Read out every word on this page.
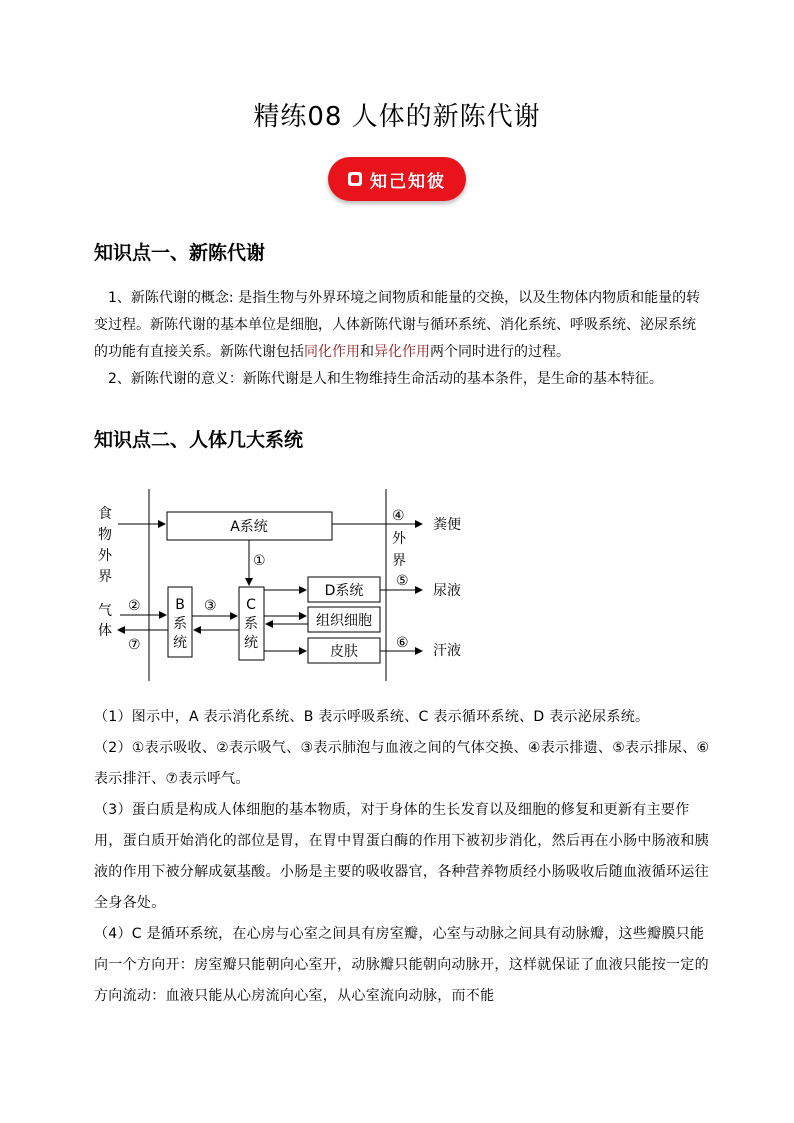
精练08 人体的新陈代谢
知己知彼
知识点一、新陈代谢

1、新陈代谢的概念: 是指生物与外界环境之间物质和能量的交换，以及生物体内物质和能量的转变过程。新陈代谢的基本单位是细胞，人体新陈代谢与循环系统、消化系统、呼吸系统、泌尿系统的功能有直接关系。新陈代谢包括同化作用和异化作用两个同时进行的过程。

2、新陈代谢的意义：新陈代谢是人和生物维持生命活动的基本条件，是生命的基本特征。

知识点二、人体几大系统
食
物
外
界
气
体
外
界
A系统
B
系
统
C
系
统
D系统
组织细胞
皮肤
粪便
尿液
汗液
①
②	③
④
⑤
⑥
⑦

（1）图示中，A 表示消化系统、B 表示呼吸系统、C 表示循环系统、D 表示泌尿系统。

（2）①表示吸收、②表示吸气、③表示肺泡与血液之间的气体交换、④表示排遗、⑤表示排尿、⑥表示排汗、⑦表示呼气。

（3）蛋白质是构成人体细胞的基本物质，对于身体的生长发育以及细胞的修复和更新有主要作用，蛋白质开始消化的部位是胃，在胃中胃蛋白酶的作用下被初步消化，然后再在小肠中肠液和胰液的作用下被分解成氨基酸。小肠是主要的吸收器官，各种营养物质经小肠吸收后随血液循环运往全身各处。

（4）C 是循环系统，在心房与心室之间具有房室瓣，心室与动脉之间具有动脉瓣，这些瓣膜只能向一个方向开：房室瓣只能朝向心室开，动脉瓣只能朝向动脉开，这样就保证了血液只能按一定的方向流动：血液只能从心房流向心室，从心室流向动脉，而不能
